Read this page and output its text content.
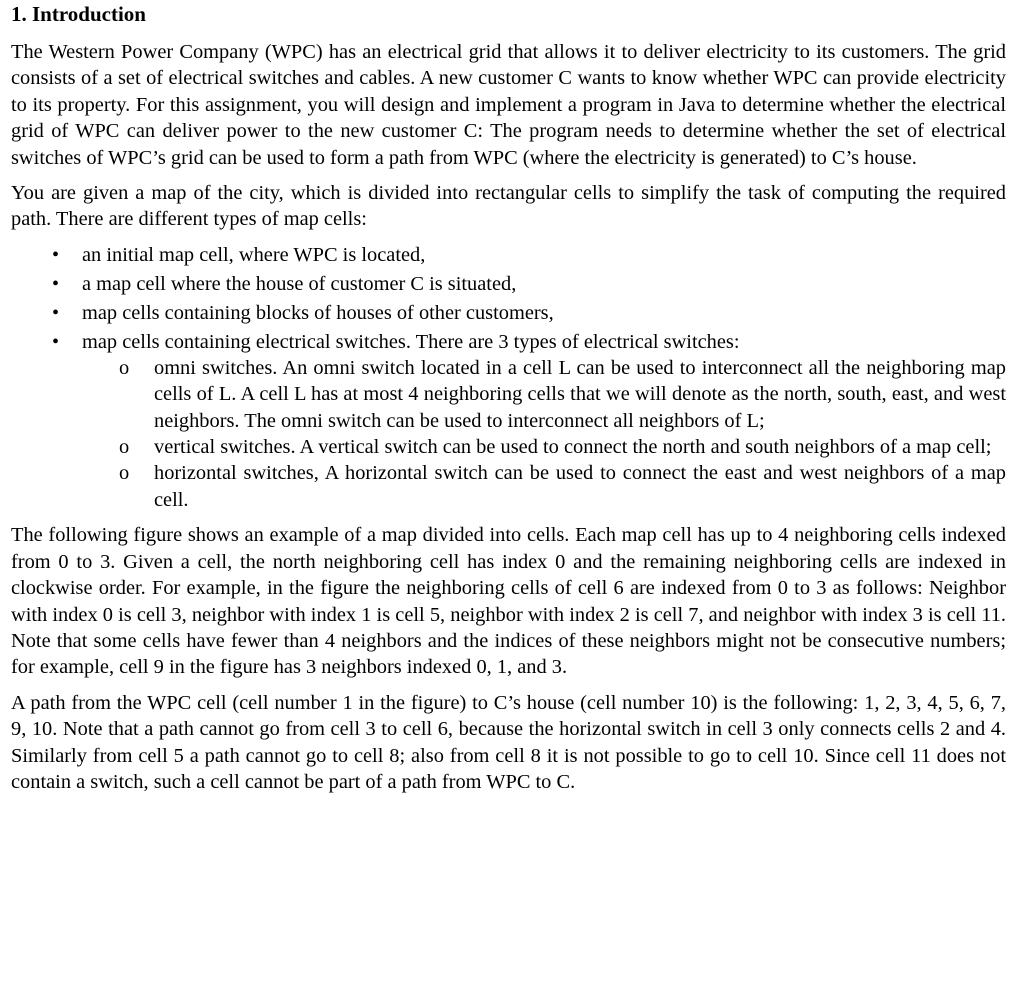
1. Introduction

The Western Power Company (WPC) has an electrical grid that allows it to deliver electricity to its customers. The grid consists of a set of electrical switches and cables. A new customer C wants to know whether WPC can provide electricity to its property. For this assignment, you will design and implement a program in Java to determine whether the electrical grid of WPC can deliver power to the new customer C: The program needs to determine whether the set of electrical switches of WPC’s grid can be used to form a path from WPC (where the electricity is generated) to C’s house.

You are given a map of the city, which is divided into rectangular cells to simplify the task of computing the required path. There are different types of map cells:

• an initial map cell, where WPC is located,
• a map cell where the house of customer C is situated,
• map cells containing blocks of houses of other customers,
• map cells containing electrical switches. There are 3 types of electrical switches:
o omni switches. An omni switch located in a cell L can be used to interconnect all the neighboring map cells of L. A cell L has at most 4 neighboring cells that we will denote as the north, south, east, and west neighbors. The omni switch can be used to interconnect all neighbors of L;
o vertical switches. A vertical switch can be used to connect the north and south neighbors of a map cell;
o horizontal switches, A horizontal switch can be used to connect the east and west neighbors of a map cell.

The following figure shows an example of a map divided into cells. Each map cell has up to 4 neighboring cells indexed from 0 to 3. Given a cell, the north neighboring cell has index 0 and the remaining neighboring cells are indexed in clockwise order. For example, in the figure the neighboring cells of cell 6 are indexed from 0 to 3 as follows: Neighbor with index 0 is cell 3, neighbor with index 1 is cell 5, neighbor with index 2 is cell 7, and neighbor with index 3 is cell 11. Note that some cells have fewer than 4 neighbors and the indices of these neighbors might not be consecutive numbers; for example, cell 9 in the figure has 3 neighbors indexed 0, 1, and 3.

A path from the WPC cell (cell number 1 in the figure) to C’s house (cell number 10) is the following: 1, 2, 3, 4, 5, 6, 7, 9, 10. Note that a path cannot go from cell 3 to cell 6, because the horizontal switch in cell 3 only connects cells 2 and 4. Similarly from cell 5 a path cannot go to cell 8; also from cell 8 it is not possible to go to cell 10. Since cell 11 does not contain a switch, such a cell cannot be part of a path from WPC to C.
